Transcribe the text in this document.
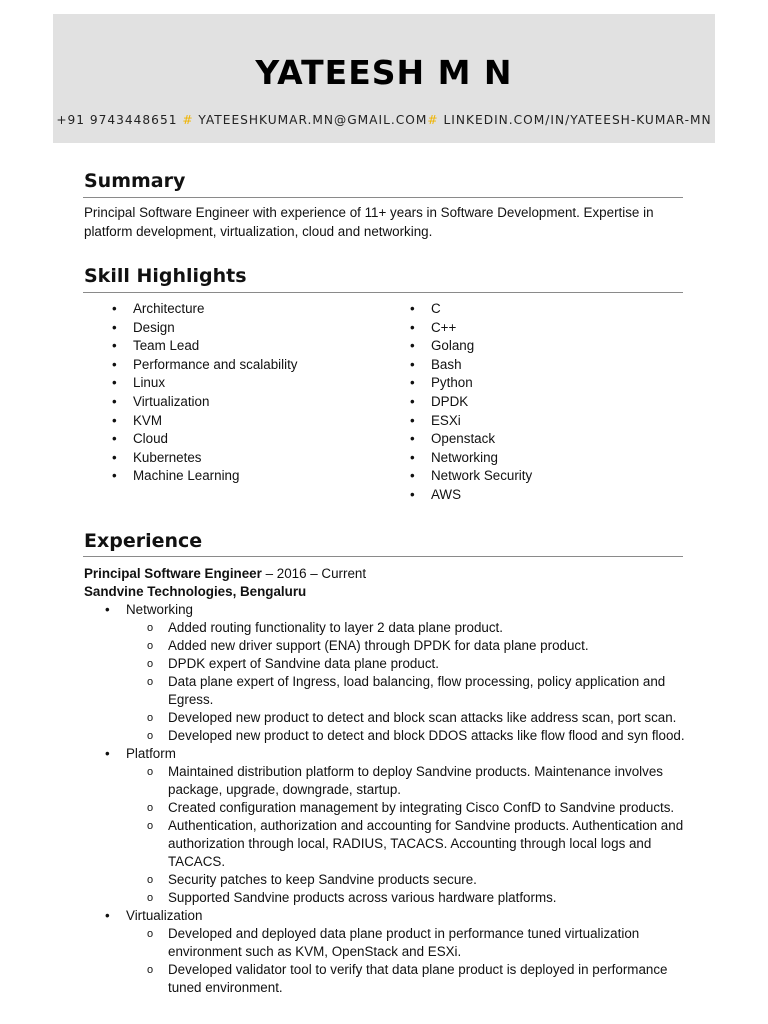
YATEESH M N
+91 9743448651 # YATEESHKUMAR.MN@GMAIL.COM# LINKEDIN.COM/IN/YATEESH-KUMAR-MN
Summary
Principal Software Engineer with experience of 11+ years in Software Development. Expertise in
platform development, virtualization, cloud and networking.
Skill Highlights
• Architecture
• Design
• Team Lead
• Performance and scalability
• Linux
• Virtualization
• KVM
• Cloud
• Kubernetes
• Machine Learning
• C
• C++
• Golang
• Bash
• Python
• DPDK
• ESXi
• Openstack
• Networking
• Network Security
• AWS
Experience
Principal Software Engineer – 2016 – Current
Sandvine Technologies, Bengaluru
• Networking
o Added routing functionality to layer 2 data plane product.
o Added new driver support (ENA) through DPDK for data plane product.
o DPDK expert of Sandvine data plane product.
o Data plane expert of Ingress, load balancing, flow processing, policy application and
Egress.
o Developed new product to detect and block scan attacks like address scan, port scan.
o Developed new product to detect and block DDOS attacks like flow flood and syn flood.
• Platform
o Maintained distribution platform to deploy Sandvine products. Maintenance involves
package, upgrade, downgrade, startup.
o Created configuration management by integrating Cisco ConfD to Sandvine products.
o Authentication, authorization and accounting for Sandvine products. Authentication and
authorization through local, RADIUS, TACACS. Accounting through local logs and TACACS.
o Security patches to keep Sandvine products secure.
o Supported Sandvine products across various hardware platforms.
• Virtualization
o Developed and deployed data plane product in performance tuned virtualization
environment such as KVM, OpenStack and ESXi.
o Developed validator tool to verify that data plane product is deployed in performance
tuned environment.
